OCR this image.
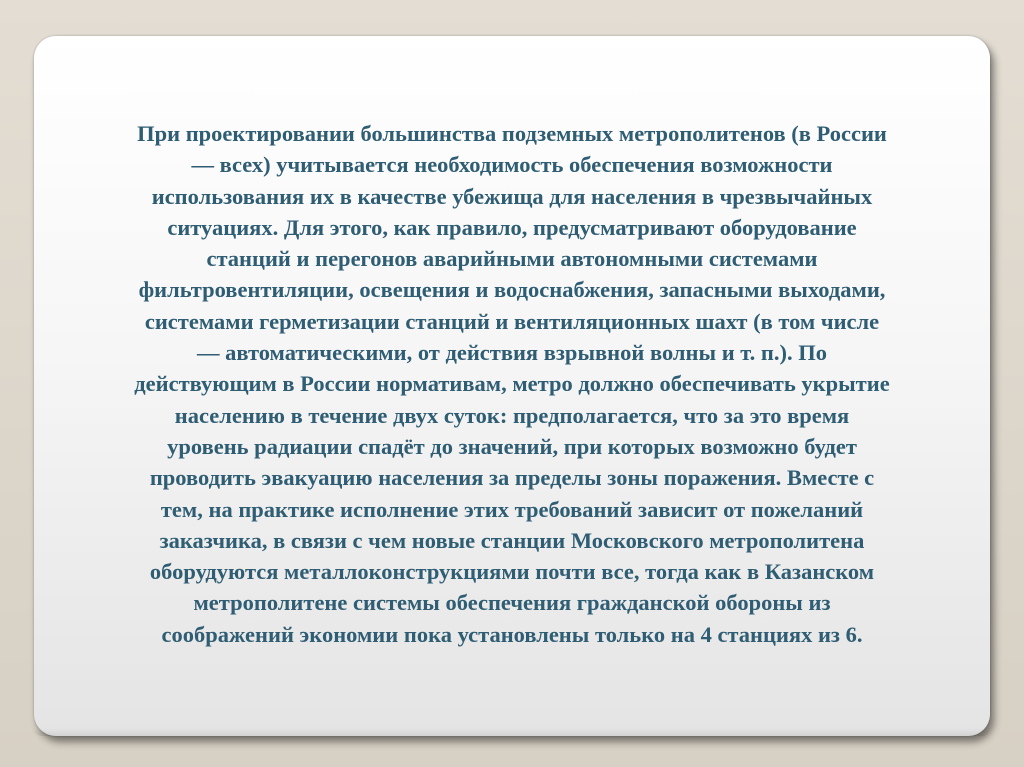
При проектировании большинства подземных метрополитенов (в России
— всех) учитывается необходимость обеспечения возможности
использования их в качестве убежища для населения в чрезвычайных
ситуациях. Для этого, как правило, предусматривают оборудование
станций и перегонов аварийными автономными системами
фильтровентиляции, освещения и водоснабжения, запасными выходами,
системами герметизации станций и вентиляционных шахт (в том числе
— автоматическими, от действия взрывной волны и т. п.). По
действующим в России нормативам, метро должно обеспечивать укрытие
населению в течение двух суток: предполагается, что за это время
уровень радиации спадёт до значений, при которых возможно будет
проводить эвакуацию населения за пределы зоны поражения. Вместе с
тем, на практике исполнение этих требований зависит от пожеланий
заказчика, в связи с чем новые станции Московского метрополитена
оборудуются металлоконструкциями почти все, тогда как в Казанском
метрополитене системы обеспечения гражданской обороны из
соображений экономии пока установлены только на 4 станциях из 6.
